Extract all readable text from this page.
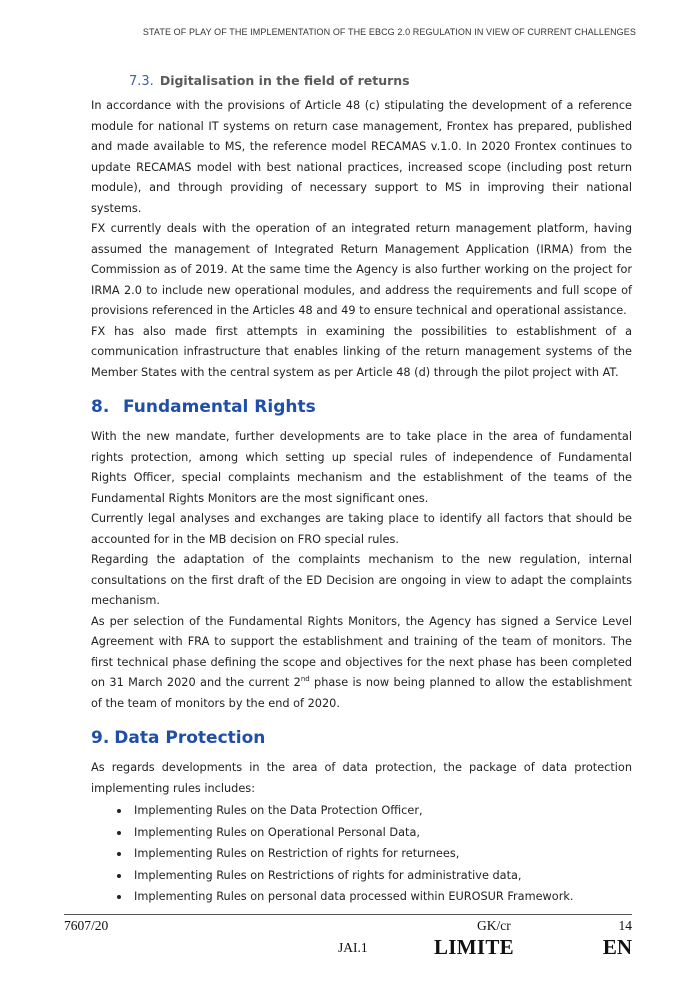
STATE OF PLAY OF THE IMPLEMENTATION OF THE EBCG 2.0 REGULATION IN VIEW OF CURRENT CHALLENGES
7.3. Digitalisation in the field of returns

In accordance with the provisions of Article 48 (c) stipulating the development of a reference module for national IT systems on return case management, Frontex has prepared, published and made available to MS, the reference model RECAMAS v.1.0. In 2020 Frontex continues to update RECAMAS model with best national practices, increased scope (including post return module), and through providing of necessary support to MS in improving their national systems.

FX currently deals with the operation of an integrated return management platform, having assumed the management of Integrated Return Management Application (IRMA) from the Commission as of 2019. At the same time the Agency is also further working on the project for IRMA 2.0 to include new operational modules, and address the requirements and full scope of provisions referenced in the Articles 48 and 49 to ensure technical and operational assistance.

FX has also made first attempts in examining the possibilities to establishment of a communication infrastructure that enables linking of the return management systems of the Member States with the central system as per Article 48 (d) through the pilot project with AT.

8. Fundamental Rights

With the new mandate, further developments are to take place in the area of fundamental rights protection, among which setting up special rules of independence of Fundamental Rights Officer, special complaints mechanism and the establishment of the teams of the Fundamental Rights Monitors are the most significant ones.

Currently legal analyses and exchanges are taking place to identify all factors that should be accounted for in the MB decision on FRO special rules.

Regarding the adaptation of the complaints mechanism to the new regulation, internal consultations on the first draft of the ED Decision are ongoing in view to adapt the complaints mechanism.

As per selection of the Fundamental Rights Monitors, the Agency has signed a Service Level Agreement with FRA to support the establishment and training of the team of monitors. The first technical phase defining the scope and objectives for the next phase has been completed on 31 March 2020 and the current 2nd phase is now being planned to allow the establishment of the team of monitors by the end of 2020.

9. Data Protection

As regards developments in the area of data protection, the package of data protection implementing rules includes:

Implementing Rules on the Data Protection Officer,
Implementing Rules on Operational Personal Data,
Implementing Rules on Restriction of rights for returnees,
Implementing Rules on Restrictions of rights for administrative data,
Implementing Rules on personal data processed within EUROSUR Framework.
7607/20	GK/cr	14
JAI.1	LIMITE	EN
